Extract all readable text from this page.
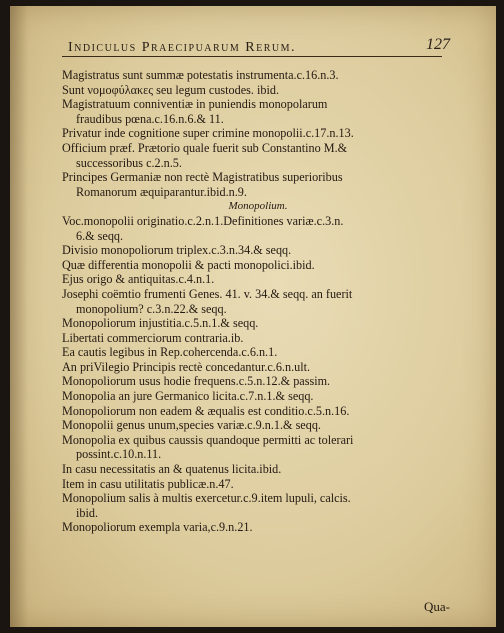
Indiculus Praecipuarum Rerum.	127
Magistratus sunt summæ potestatis instrumenta.c.16.n.3.
Sunt νομοφύλακες seu legum custodes. ibid.
Magistratuum conniventiæ in puniendis monopolarum
fraudibus pœna.c.16.n.6.& 11.
Privatur inde cognitione super crimine monopolii.c.17.n.13.
Officium præf. Prætorio quale fuerit sub Constantino M.&
successoribus c.2.n.5.
Principes Germaniæ non rectè Magistratibus superioribus
Romanorum æquiparantur.ibid.n.9.
Monopolium.
Voc.monopolii originatio.c.2.n.1.Definitiones variæ.c.3.n.
6.& seqq.
Divisio monopoliorum triplex.c.3.n.34.& seqq.
Quæ differentia monopolii & pacti monopolici.ibid.
Ejus origo & antiquitas.c.4.n.1.
Josephi coëmtio frumenti Genes. 41. v. 34.& seqq. an fuerit
monopolium? c.3.n.22.& seqq.
Monopoliorum injustitia.c.5.n.1.& seqq.
Libertati commerciorum contraria.ib.
Ea cautis legibus in Rep.cohercenda.c.6.n.1.
An priVilegio Principis rectè concedantur.c.6.n.ult.
Monopoliorum usus hodie frequens.c.5.n.12.& passim.
Monopolia an jure Germanico licita.c.7.n.1.& seqq.
Monopoliorum non eadem & æqualis est conditio.c.5.n.16.
Monopolii genus unum,species variæ.c.9.n.1.& seqq.
Monopolia ex quibus caussis quandoque permitti ac tolerari
possint.c.10.n.11.
In casu necessitatis an & quatenus licita.ibid.
Item in casu utilitatis publicæ.n.47.
Monopolium salis à multis exercetur.c.9.item lupuli, calcis.
ibid.
Monopoliorum exempla varia,c.9.n.21.
Qua-
